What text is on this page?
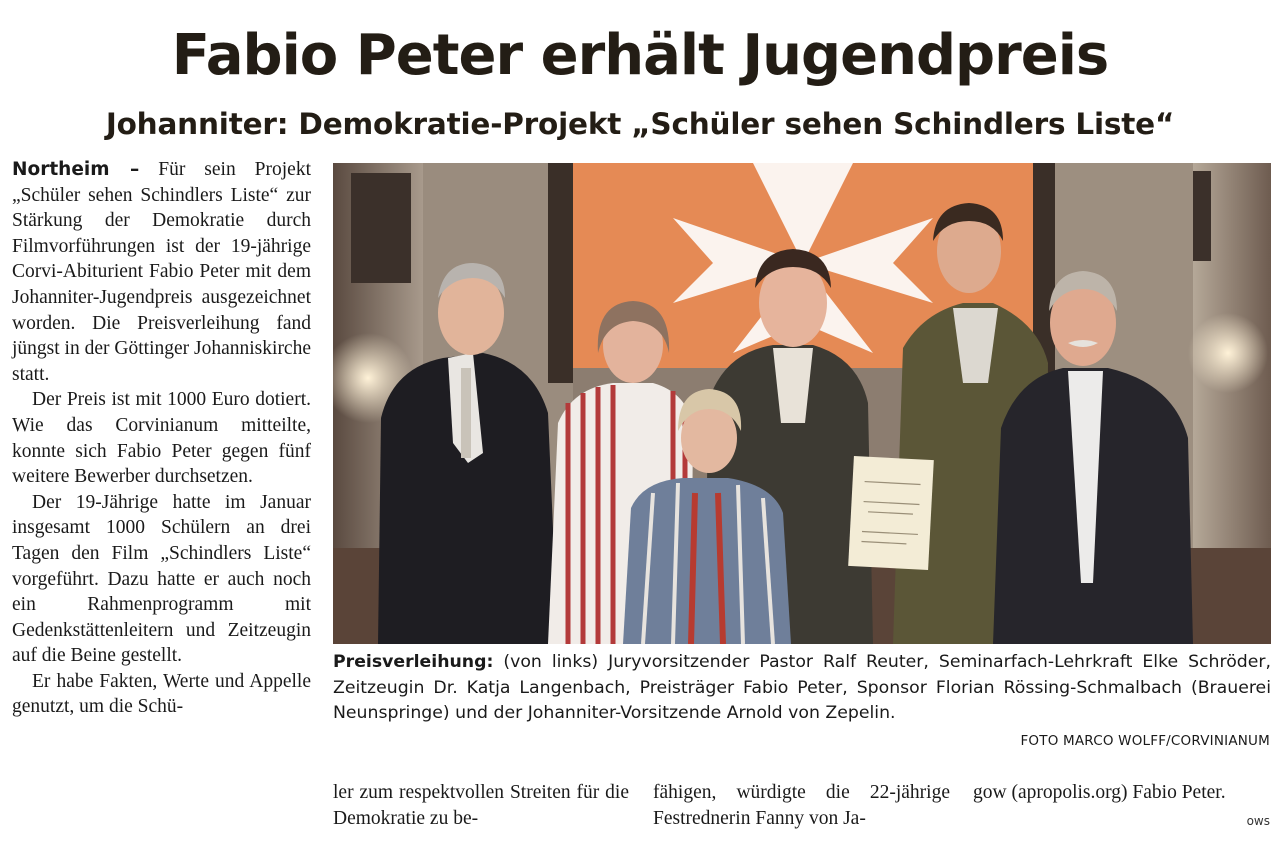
Fabio Peter erhält Jugendpreis
Johanniter: Demokratie-Projekt „Schüler sehen Schindlers Liste“

Northeim – Für sein Projekt „Schüler sehen Schindlers Liste“ zur Stärkung der Demokratie durch Filmvorführungen ist der 19-jährige Corvi-Abiturient Fabio Peter mit dem Johanniter-Jugendpreis ausgezeichnet worden. Die Preisverleihung fand jüngst in der Göttinger Johanniskirche statt.

Der Preis ist mit 1000 Euro dotiert. Wie das Corvinianum mitteilte, konnte sich Fabio Peter gegen fünf weitere Bewerber durchsetzen.

Der 19-Jährige hatte im Januar insgesamt 1000 Schülern an drei Tagen den Film „Schindlers Liste“ vorgeführt. Dazu hatte er auch noch ein Rahmenprogramm mit Gedenkstättenleitern und Zeitzeugin auf die Beine gestellt.

Er habe Fakten, Werte und Appelle genutzt, um die Schü-

Preisverleihung: (von links) Juryvorsitzender Pastor Ralf Reuter, Seminarfach-Lehrkraft Elke Schröder, Zeitzeugin Dr. Katja Langenbach, Preisträger Fabio Peter, Sponsor Florian Rössing-Schmalbach (Brauerei Neunspringe) und der Johanniter-Vorsitzende Arnold von Zepelin.

FOTO MARCO WOLFF/CORVINIANUM

ler zum respektvollen Streiten für die Demokratie zu be-

fähigen, würdigte die 22-jährige Festrednerin Fanny von Ja-

gow (apropolis.org) Fabio Peter.

ows
